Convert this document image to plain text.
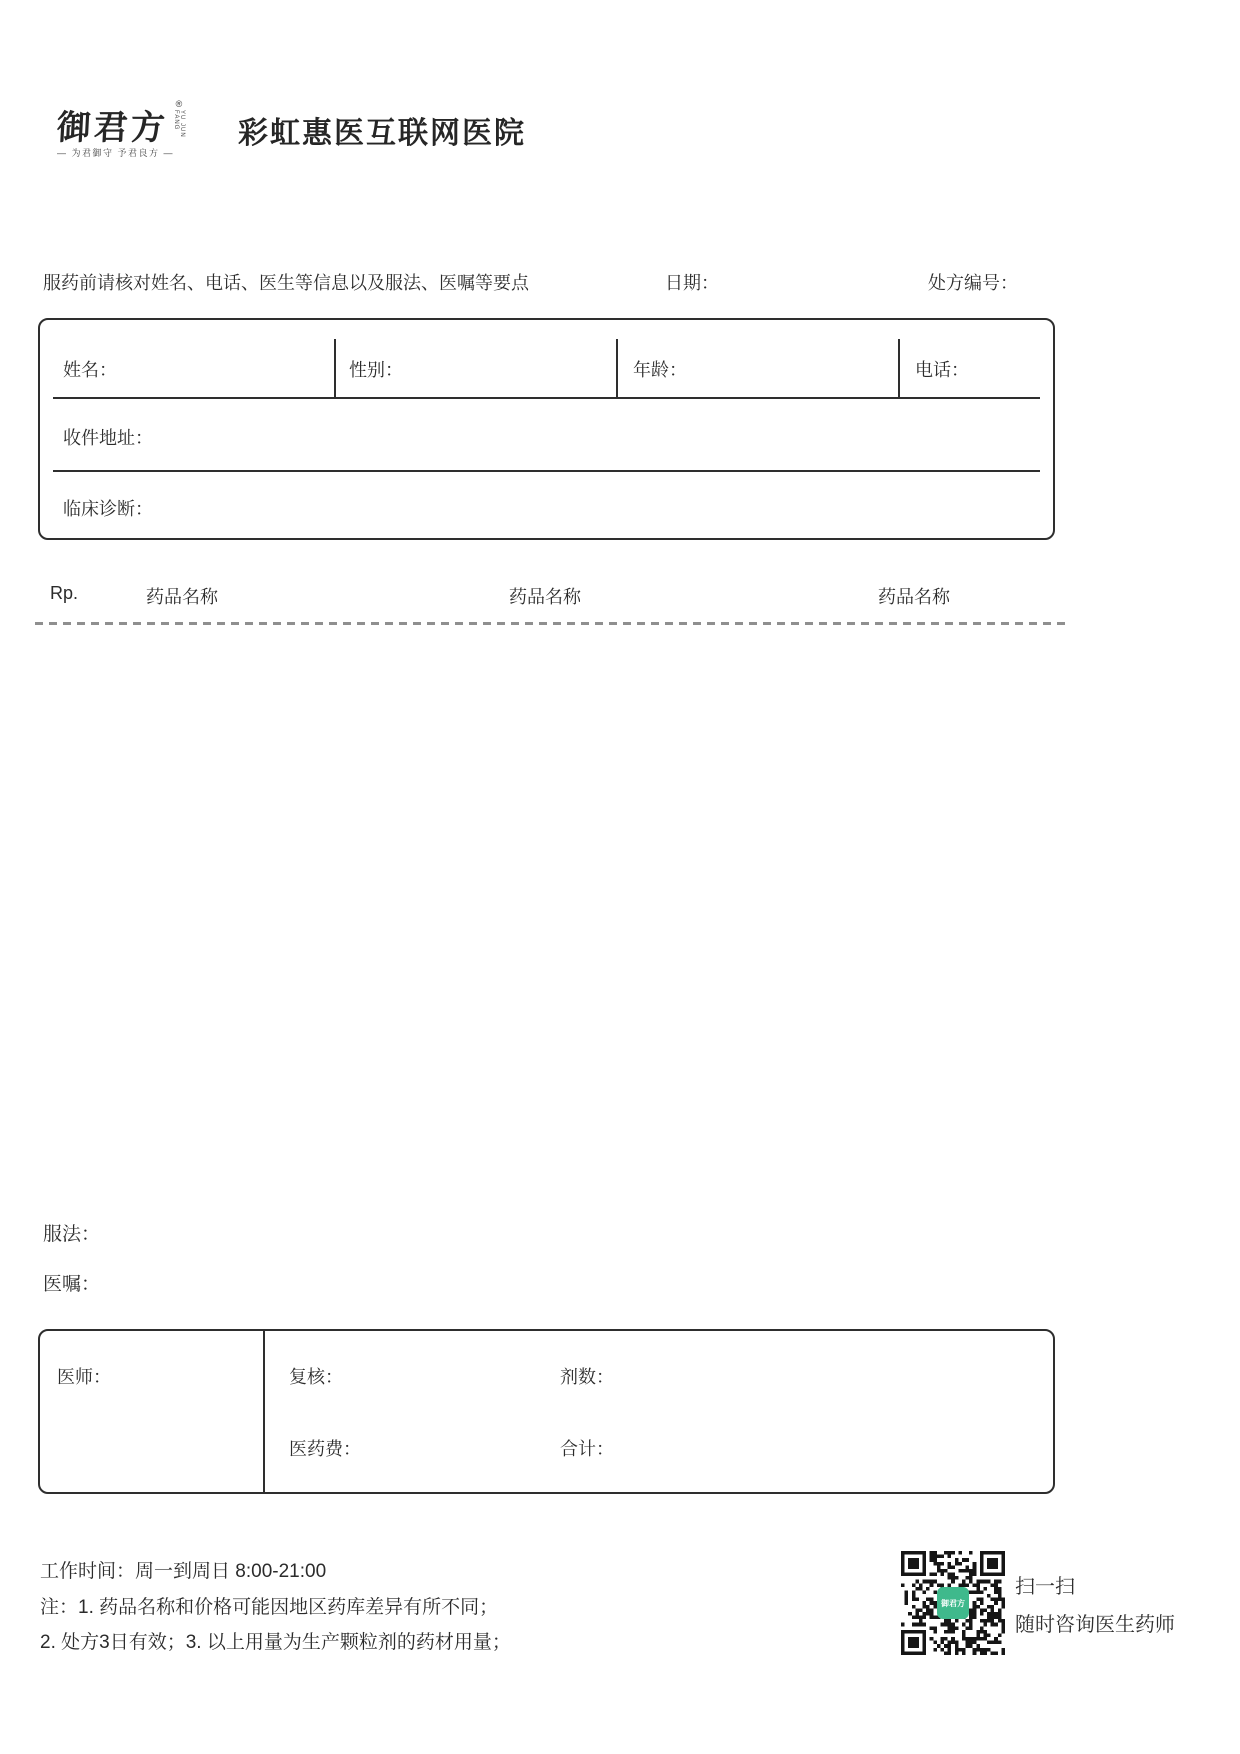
御君方
®
YU JUN FANG
— 为君御守 予君良方 —
彩虹惠医互联网医院
服药前请核对姓名、电话、医生等信息以及服法、医嘱等要点	日期：	处方编号：
姓名：	性别：	年龄：	电话：
收件地址：
临床诊断：
Rp.	药品名称	药品名称	药品名称
服法：
医嘱：
医师：	复核：	剂数：
医药费：	合计：
工作时间：周一到周日 8:00-21:00
注：1. 药品名称和价格可能因地区药库差异有所不同；
2. 处方3日有效；3. 以上用量为生产颗粒剂的药材用量；
御君方
扫一扫
随时咨询医生药师
